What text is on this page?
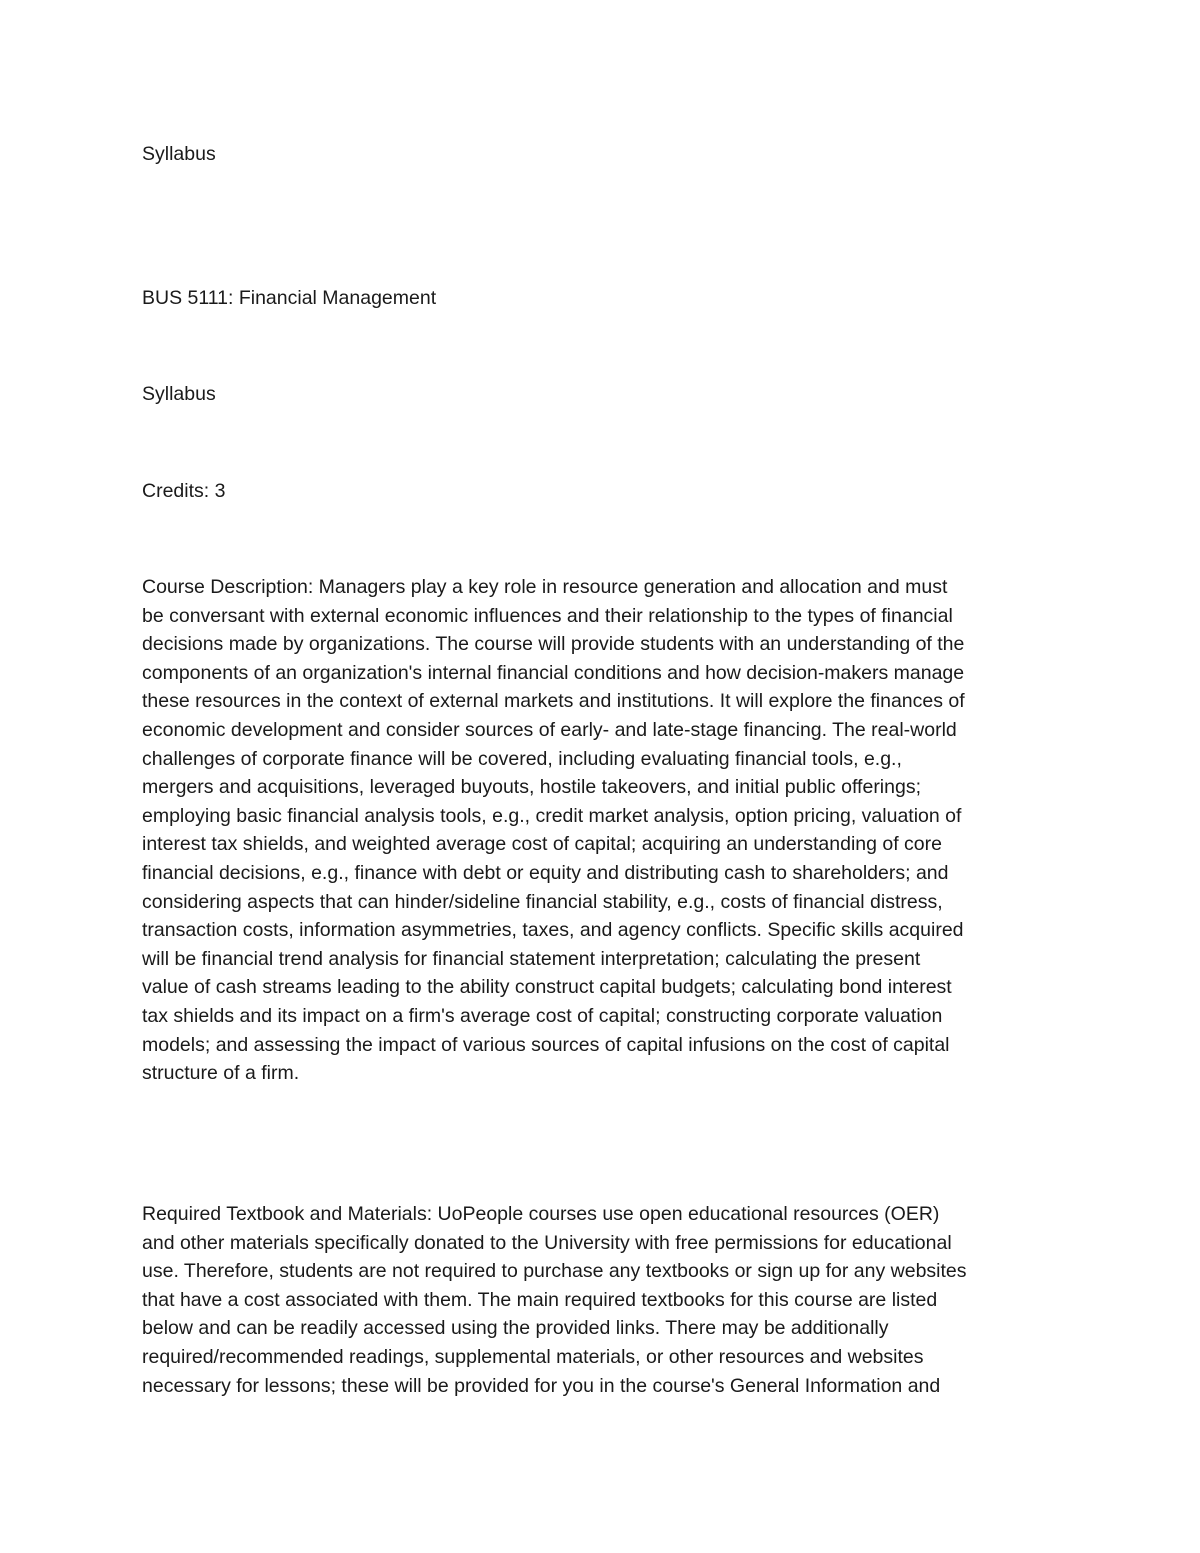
Syllabus

BUS 5111: Financial Management

Syllabus

Credits: 3

Course Description: Managers play a key role in resource generation and allocation and must
be conversant with external economic influences and their relationship to the types of financial
decisions made by organizations. The course will provide students with an understanding of the
components of an organization's internal financial conditions and how decision-makers manage
these resources in the context of external markets and institutions. It will explore the finances of
economic development and consider sources of early- and late-stage financing. The real-world
challenges of corporate finance will be covered, including evaluating financial tools, e.g.,
mergers and acquisitions, leveraged buyouts, hostile takeovers, and initial public offerings;
employing basic financial analysis tools, e.g., credit market analysis, option pricing, valuation of
interest tax shields, and weighted average cost of capital; acquiring an understanding of core
financial decisions, e.g., finance with debt or equity and distributing cash to shareholders; and
considering aspects that can hinder/sideline financial stability, e.g., costs of financial distress,
transaction costs, information asymmetries, taxes, and agency conflicts. Specific skills acquired
will be financial trend analysis for financial statement interpretation; calculating the present
value of cash streams leading to the ability construct capital budgets; calculating bond interest
tax shields and its impact on a firm's average cost of capital; constructing corporate valuation
models; and assessing the impact of various sources of capital infusions on the cost of capital
structure of a firm.
Required Textbook and Materials: UoPeople courses use open educational resources (OER)
and other materials specifically donated to the University with free permissions for educational
use. Therefore, students are not required to purchase any textbooks or sign up for any websites
that have a cost associated with them. The main required textbooks for this course are listed
below and can be readily accessed using the provided links. There may be additionally
required/recommended readings, supplemental materials, or other resources and websites
necessary for lessons; these will be provided for you in the course's General Information and
